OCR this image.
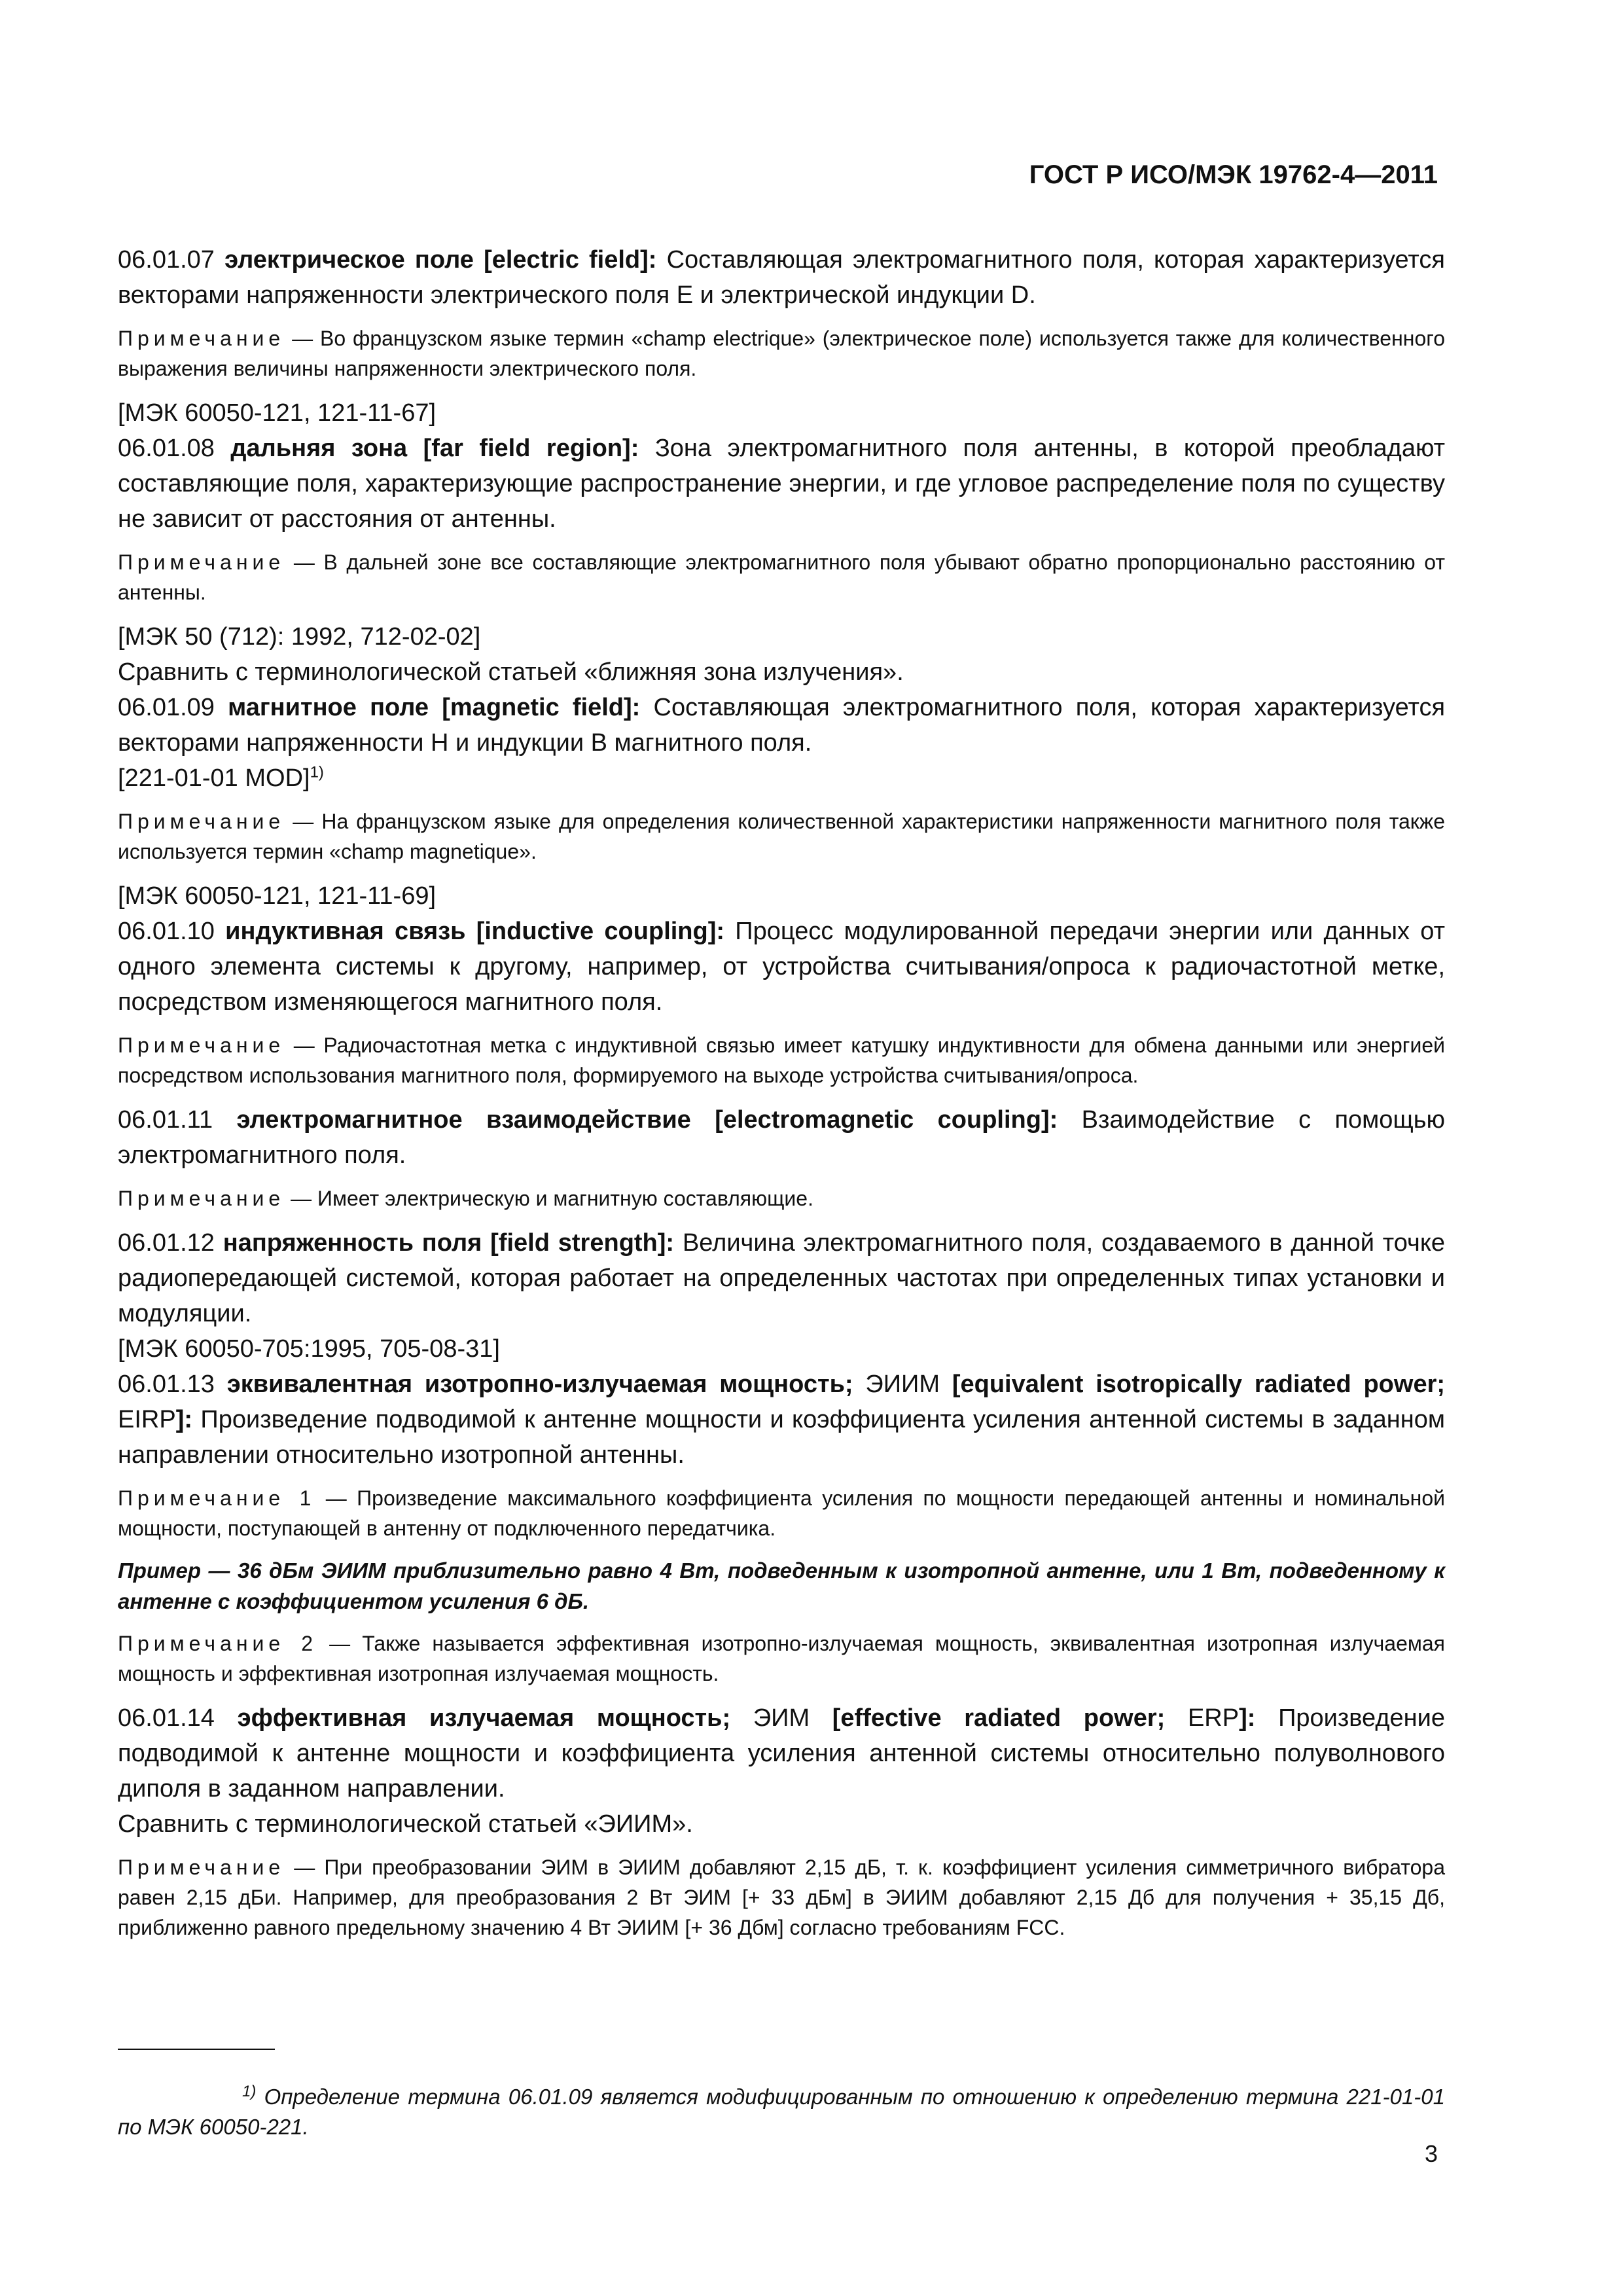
ГОСТ Р ИСО/МЭК 19762-4—2011

06.01.07 электрическое поле [electric field]: Составляющая электромагнитного поля, которая характеризуется векторами напряженности электрического поля E и электрической индукции D.

Примечание — Во французском языке термин «champ electrique» (электрическое поле) используется также для количественного выражения величины напряженности электрического поля.

[МЭК 60050-121, 121-11-67]

06.01.08 дальняя зона [far field region]: Зона электромагнитного поля антенны, в которой преобладают составляющие поля, характеризующие распространение энергии, и где угловое распределение поля по существу не зависит от расстояния от антенны.

Примечание — В дальней зоне все составляющие электромагнитного поля убывают обратно пропорционально расстоянию от антенны.

[МЭК 50 (712): 1992, 712-02-02]

Сравнить с терминологической статьей «ближняя зона излучения».

06.01.09 магнитное поле [magnetic field]: Составляющая электромагнитного поля, которая характеризуется векторами напряженности H и индукции B магнитного поля.

[221-01-01 MOD]$^{1)}$

Примечание — На французском языке для определения количественной характеристики напряженности магнитного поля также используется термин «champ magnetique».

[МЭК 60050-121, 121-11-69]

06.01.10 индуктивная связь [inductive coupling]: Процесс модулированной передачи энергии или данных от одного элемента системы к другому, например, от устройства считывания/опроса к радиочастотной метке, посредством изменяющегося магнитного поля.

Примечание — Радиочастотная метка с индуктивной связью имеет катушку индуктивности для обмена данными или энергией посредством использования магнитного поля, формируемого на выходе устройства считывания/опроса.

06.01.11 электромагнитное взаимодействие [electromagnetic coupling]: Взаимодействие с помощью электромагнитного поля.

Примечание — Имеет электрическую и магнитную составляющие.

06.01.12 напряженность поля [field strength]: Величина электромагнитного поля, создаваемого в данной точке радиопередающей системой, которая работает на определенных частотах при определенных типах установки и модуляции.

[МЭК 60050-705:1995, 705-08-31]

06.01.13 эквивалентная изотропно-излучаемая мощность; ЭИИМ [equivalent isotropically radiated power; EIRP]: Произведение подводимой к антенне мощности и коэффициента усиления антенной системы в заданном направлении относительно изотропной антенны.

Примечание 1 — Произведение максимального коэффициента усиления по мощности передающей антенны и номинальной мощности, поступающей в антенну от подключенного передатчика.

Пример — 36 дБм ЭИИМ приблизительно равно 4 Вт, подведенным к изотропной антенне, или 1 Вт, подведенному к антенне с коэффициентом усиления 6 дБ.

Примечание 2 — Также называется эффективная изотропно-излучаемая мощность, эквивалентная изотропная излучаемая мощность и эффективная изотропная излучаемая мощность.

06.01.14 эффективная излучаемая мощность; ЭИМ [effective radiated power; ERP]: Произведение подводимой к антенне мощности и коэффициента усиления антенной системы относительно полуволнового диполя в заданном направлении.

Сравнить с терминологической статьей «ЭИИМ».

Примечание — При преобразовании ЭИМ в ЭИИМ добавляют 2,15 дБ, т. к. коэффициент усиления симметричного вибратора равен 2,15 дБи. Например, для преобразования 2 Вт ЭИМ [+ 33 дБм] в ЭИИМ добавляют 2,15 Дб для получения + 35,15 Дб, приближенно равного предельному значению 4 Вт ЭИИМ [+ 36 Дбм] согласно требованиям FCC.

$^{1)}$ Определение термина 06.01.09 является модифицированным по отношению к определению термина 221-01-01 по МЭК 60050-221.

3
